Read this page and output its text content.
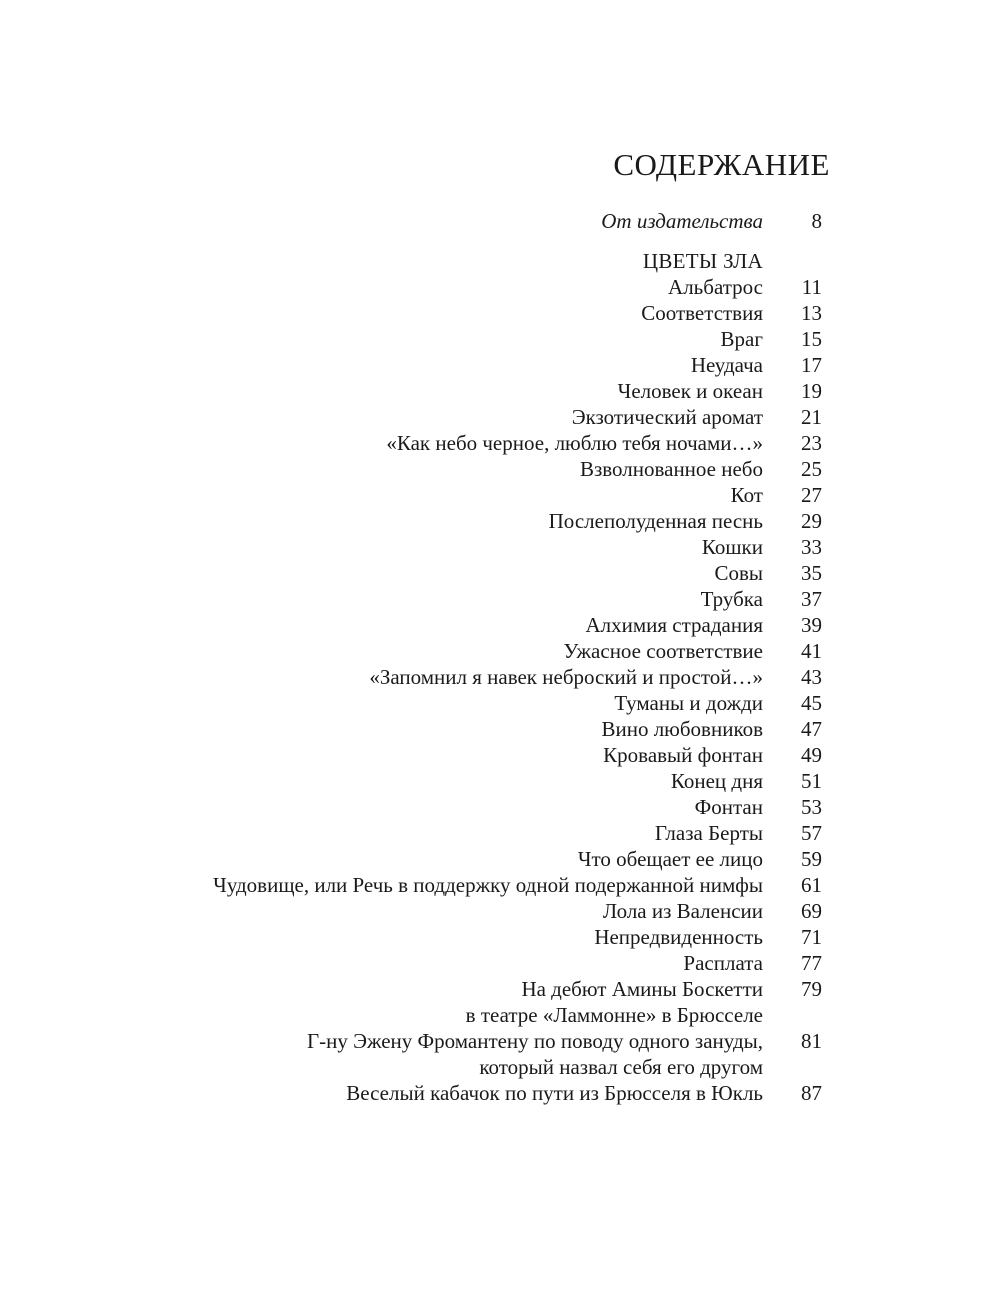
СОДЕРЖАНИЕ
От издательства 8
ЦВЕТЫ ЗЛА
Альбатрос 11
Соответствия 13
Враг 15
Неудача 17
Человек и океан 19
Экзотический аромат 21
«Как небо черное, люблю тебя ночами…» 23
Взволнованное небо 25
Кот 27
Послеполуденная песнь 29
Кошки 33
Совы 35
Трубка 37
Алхимия страдания 39
Ужасное соответствие 41
«Запомнил я навек неброский и простой…» 43
Туманы и дожди 45
Вино любовников 47
Кровавый фонтан 49
Конец дня 51
Фонтан 53
Глаза Берты 57
Что обещает ее лицо 59
Чудовище, или Речь в поддержку одной подержанной нимфы 61
Лола из Валенсии 69
Непредвиденность 71
Расплата 77
На дебют Амины Боскетти 79
в театре «Ламмонне» в Брюсселе
Г-ну Эжену Фромантену по поводу одного зануды, 81
который назвал себя его другом
Веселый кабачок по пути из Брюсселя в Юкль 87
